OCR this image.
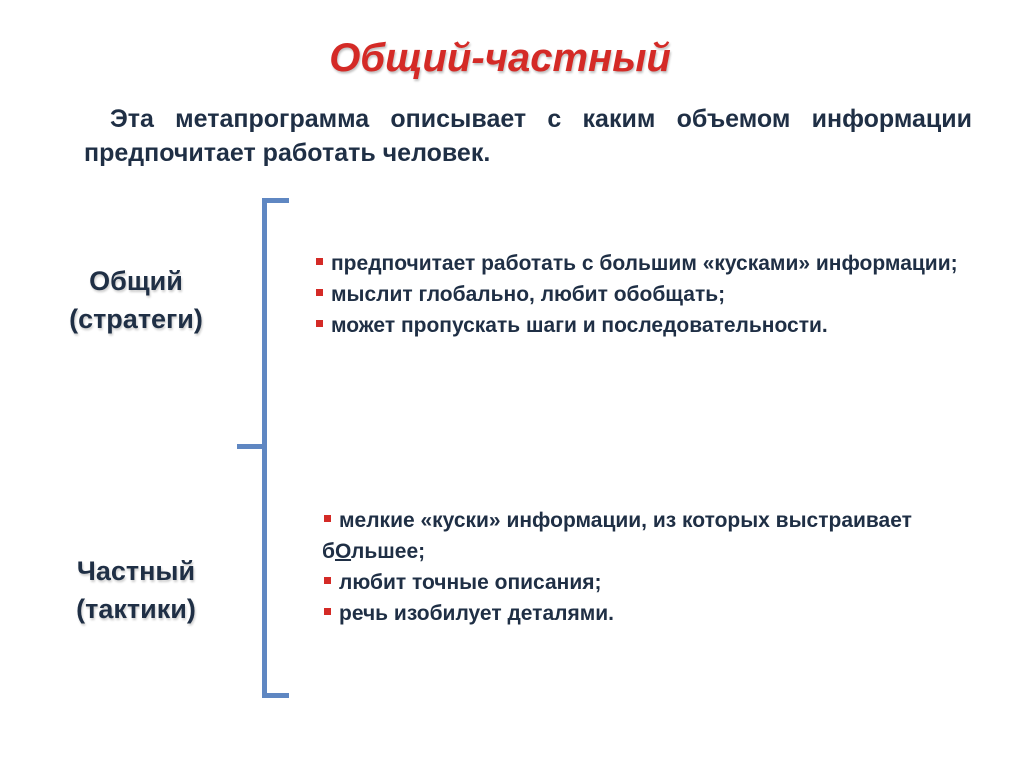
Общий-частный
Эта метапрограмма описывает с каким объемом информации предпочитает работать человек.
Общий
(стратеги)
Частный
(тактики)
предпочитает работать с большим «кусками» информации;
мыслит глобально, любит обобщать;
может пропускать шаги и последовательности.
мелкие «куски» информации, из которых выстраивает бОльшее;
любит точные описания;
речь изобилует деталями.
